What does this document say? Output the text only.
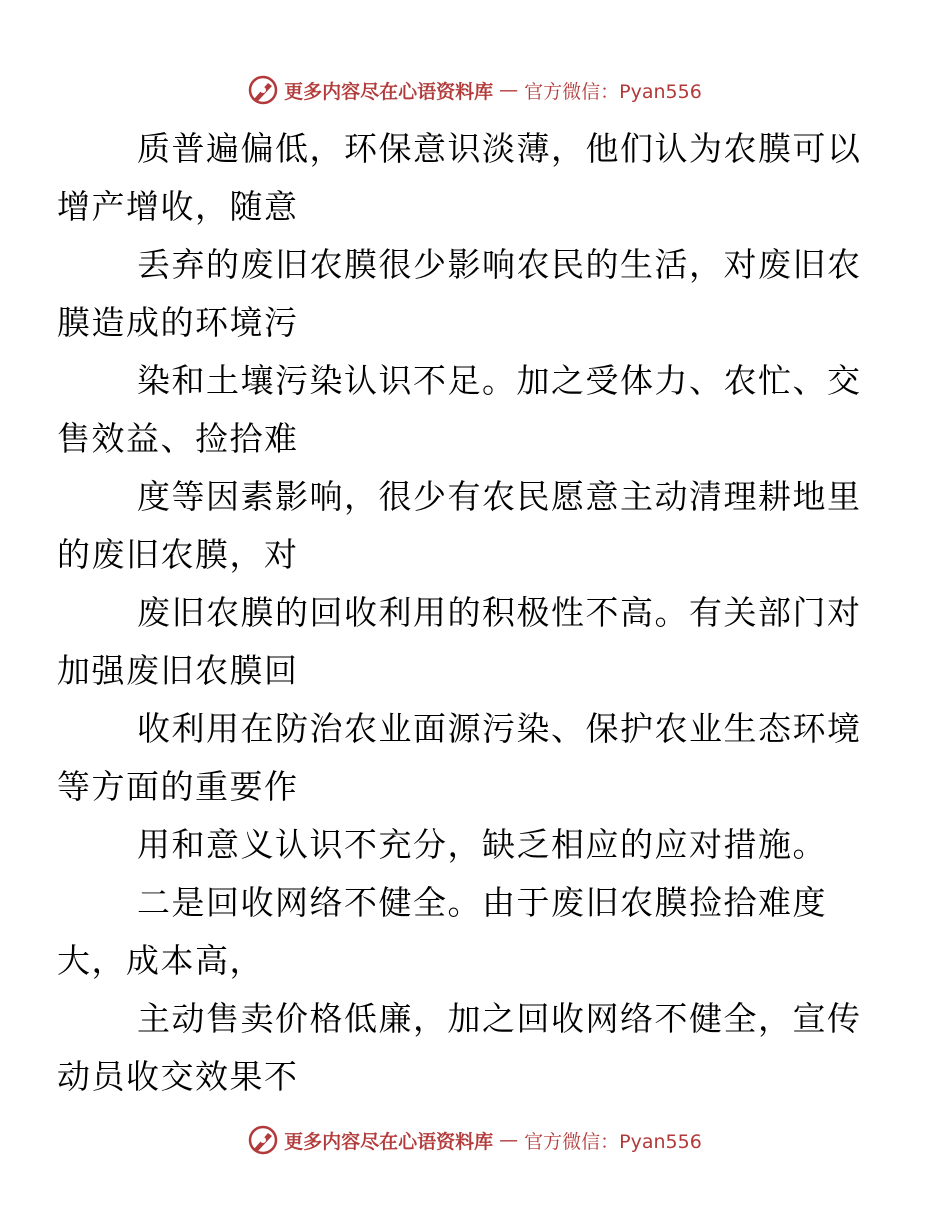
更多内容尽在心语资料库 — 官方微信：Pyan556

质普遍偏低，环保意识淡薄，他们认为农膜可以
增产增收，随意

丢弃的废旧农膜很少影响农民的生活，对废旧农
膜造成的环境污

染和土壤污染认识不足。加之受体力、农忙、交
售效益、捡拾难

度等因素影响，很少有农民愿意主动清理耕地里
的废旧农膜，对

废旧农膜的回收利用的积极性不高。有关部门对
加强废旧农膜回

收利用在防治农业面源污染、保护农业生态环境
等方面的重要作

用和意义认识不充分，缺乏相应的应对措施。

二是回收网络不健全。由于废旧农膜捡拾难度
大，成本高，

主动售卖价格低廉，加之回收网络不健全，宣传
动员收交效果不

更多内容尽在心语资料库 — 官方微信：Pyan556
